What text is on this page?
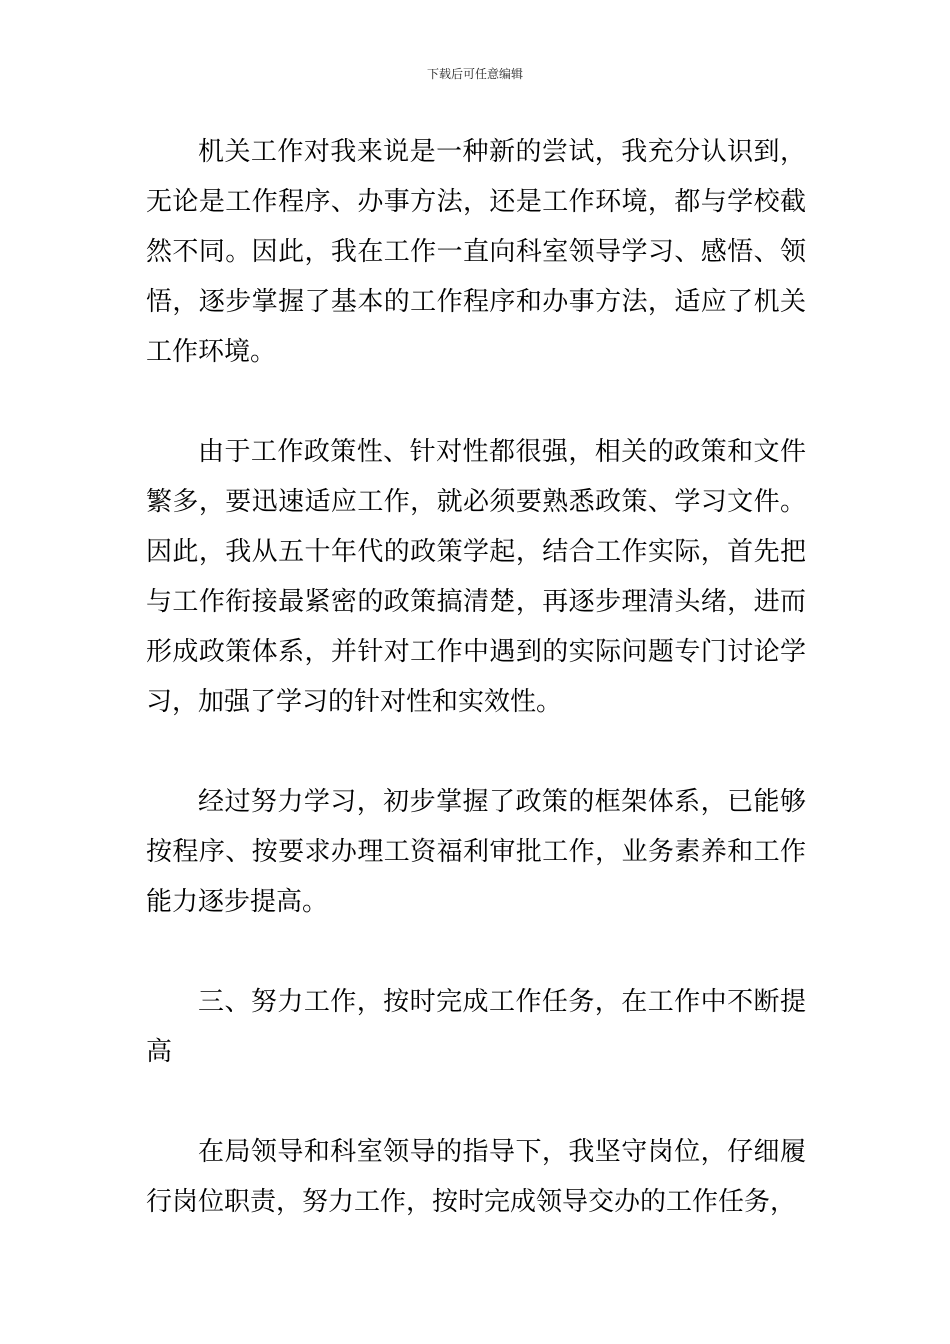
下载后可任意编辑

机关工作对我来说是一种新的尝试，我充分认识到，无论是工作程序、办事方法，还是工作环境，都与学校截然不同。因此，我在工作一直向科室领导学习、感悟、领悟，逐步掌握了基本的工作程序和办事方法，适应了机关工作环境。

由于工作政策性、针对性都很强，相关的政策和文件繁多，要迅速适应工作，就必须要熟悉政策、学习文件。因此，我从五十年代的政策学起，结合工作实际，首先把与工作衔接最紧密的政策搞清楚，再逐步理清头绪，进而形成政策体系，并针对工作中遇到的实际问题专门讨论学习，加强了学习的针对性和实效性。

经过努力学习，初步掌握了政策的框架体系，已能够按程序、按要求办理工资福利审批工作，业务素养和工作能力逐步提高。

三、努力工作，按时完成工作任务，在工作中不断提高

在局领导和科室领导的指导下，我坚守岗位，仔细履行岗位职责，努力工作，按时完成领导交办的工作任务，
